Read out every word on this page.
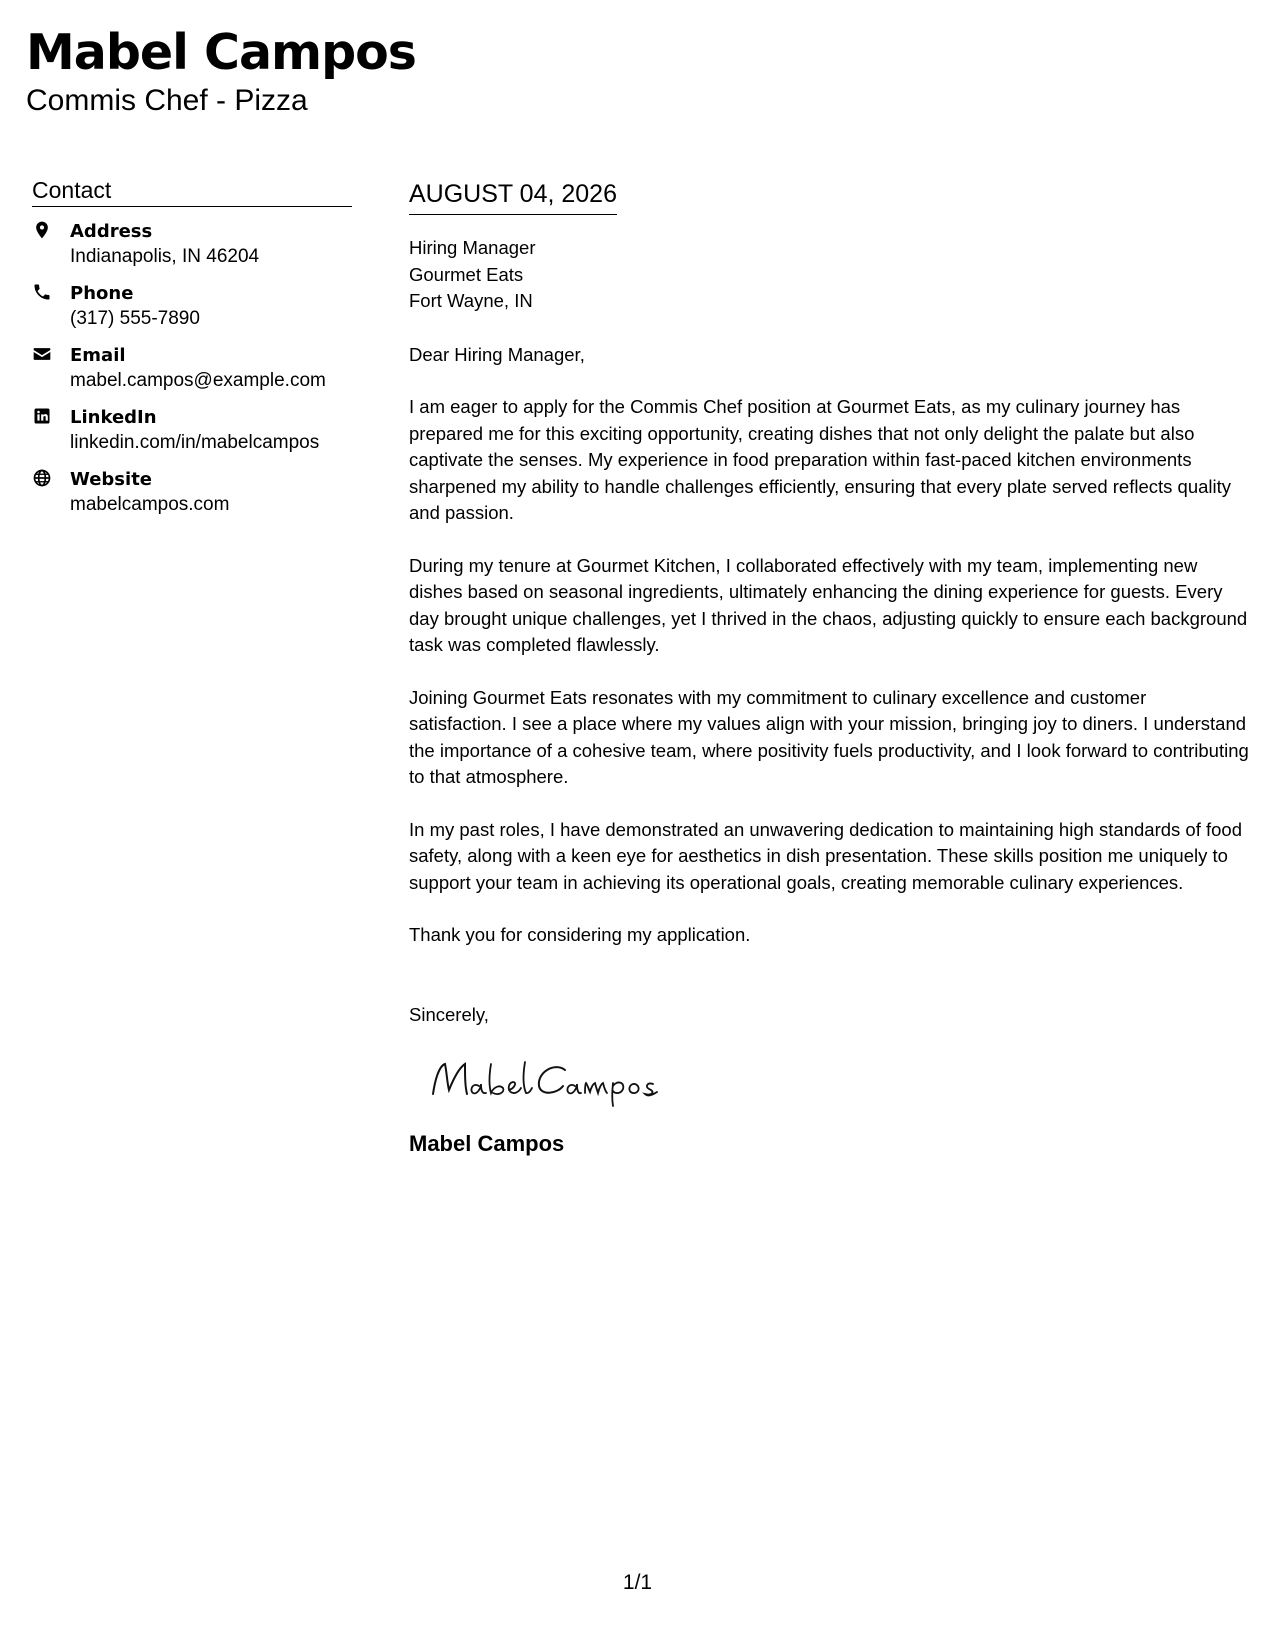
Mabel Campos
Commis Chef - Pizza
Contact
Address
Indianapolis, IN 46204
Phone
(317) 555-7890
Email
mabel.campos@example.com
LinkedIn
linkedin.com/in/mabelcampos
Website
mabelcampos.com
AUGUST 04, 2026
Hiring Manager
Gourmet Eats
Fort Wayne, IN

Dear Hiring Manager,

I am eager to apply for the Commis Chef position at Gourmet Eats, as my culinary journey has prepared me for this exciting opportunity, creating dishes that not only delight the palate but also captivate the senses. My experience in food preparation within fast-paced kitchen environments sharpened my ability to handle challenges efficiently, ensuring that every plate served reflects quality and passion.

During my tenure at Gourmet Kitchen, I collaborated effectively with my team, implementing new dishes based on seasonal ingredients, ultimately enhancing the dining experience for guests. Every day brought unique challenges, yet I thrived in the chaos, adjusting quickly to ensure each background task was completed flawlessly.

Joining Gourmet Eats resonates with my commitment to culinary excellence and customer satisfaction. I see a place where my values align with your mission, bringing joy to diners. I understand the importance of a cohesive team, where positivity fuels productivity, and I look forward to contributing to that atmosphere.

In my past roles, I have demonstrated an unwavering dedication to maintaining high standards of food safety, along with a keen eye for aesthetics in dish presentation. These skills position me uniquely to support your team in achieving its operational goals, creating memorable culinary experiences.

Thank you for considering my application.

Sincerely,

Mabel Campos
1/1
